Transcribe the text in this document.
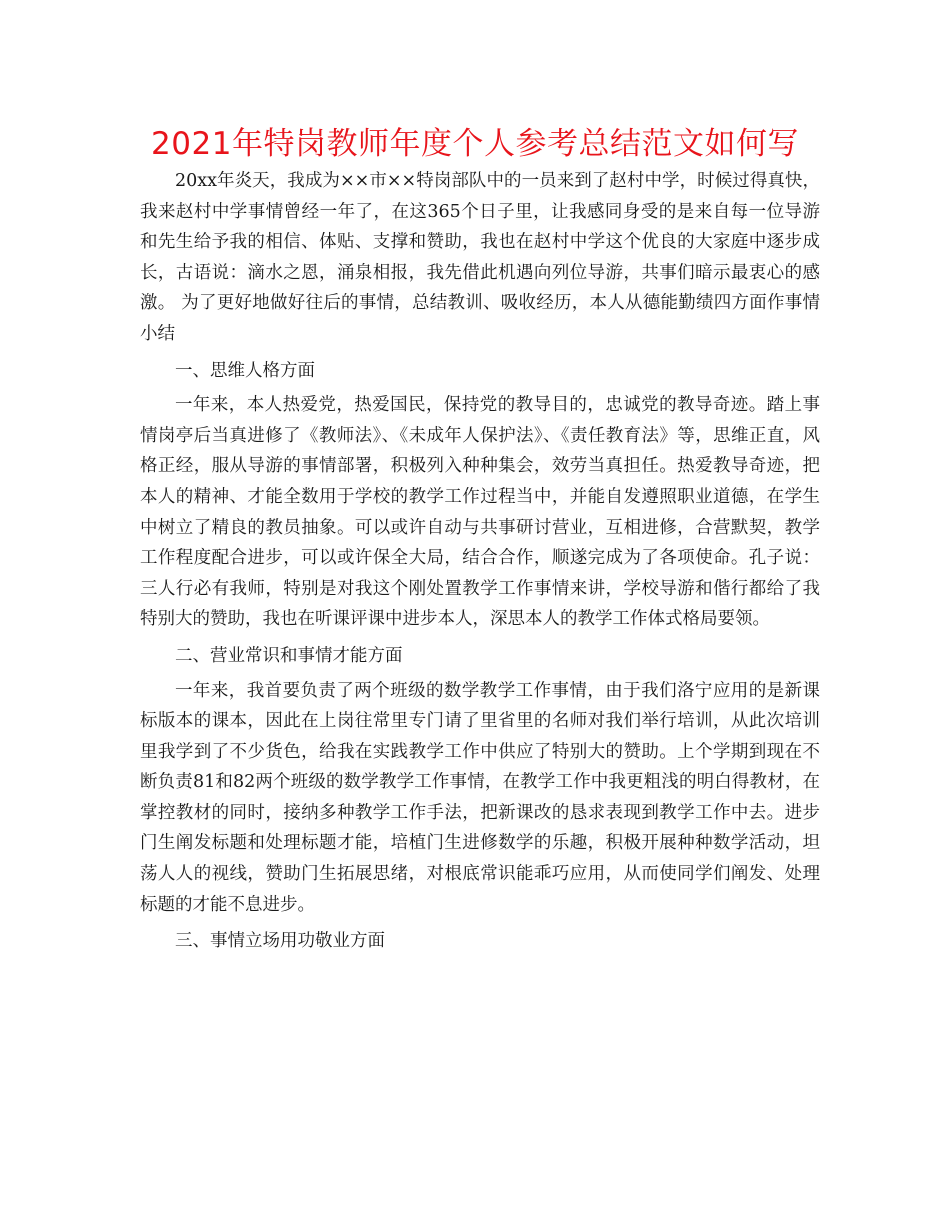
2021年特岗教师年度个人参考总结范文如何写

20xx年炎天，我成为××市××特岗部队中的一员来到了赵村中学，时候过得真快，我来赵村中学事情曾经一年了，在这365个日子里，让我感同身受的是来自每一位导游和先生给予我的相信、体贴、支撑和赞助，我也在赵村中学这个优良的大家庭中逐步成长，古语说：滴水之恩，涌泉相报，我先借此机遇向列位导游，共事们暗示最衷心的感激。 为了更好地做好往后的事情，总结教训、吸收经历，本人从德能勤绩四方面作事情小结

一、思维人格方面

一年来，本人热爱党，热爱国民，保持党的教导目的，忠诚党的教导奇迹。踏上事情岗亭后当真进修了《教师法》、《未成年人保护法》、《责任教育法》等，思维正直，风格正经，服从导游的事情部署，积极列入种种集会，效劳当真担任。热爱教导奇迹，把本人的精神、才能全数用于学校的教学工作过程当中，并能自发遵照职业道德，在学生中树立了精良的教员抽象。可以或许自动与共事研讨营业，互相进修，合营默契，教学工作程度配合进步，可以或许保全大局，结合合作，顺遂完成为了各项使命。孔子说：三人行必有我师，特别是对我这个刚处置教学工作事情来讲，学校导游和偕行都给了我特别大的赞助，我也在听课评课中进步本人，深思本人的教学工作体式格局要领。

二、营业常识和事情才能方面

一年来，我首要负责了两个班级的数学教学工作事情，由于我们洛宁应用的是新课标版本的课本，因此在上岗往常里专门请了里省里的名师对我们举行培训，从此次培训里我学到了不少货色，给我在实践教学工作中供应了特别大的赞助。上个学期到现在不断负责81和82两个班级的数学教学工作事情，在教学工作中我更粗浅的明白得教材，在掌控教材的同时，接纳多种教学工作手法，把新课改的恳求表现到教学工作中去。进步门生阐发标题和处理标题才能，培植门生进修数学的乐趣，积极开展种种数学活动，坦荡人人的视线，赞助门生拓展思绪，对根底常识能乖巧应用，从而使同学们阐发、处理标题的才能不息进步。

三、事情立场用功敬业方面
